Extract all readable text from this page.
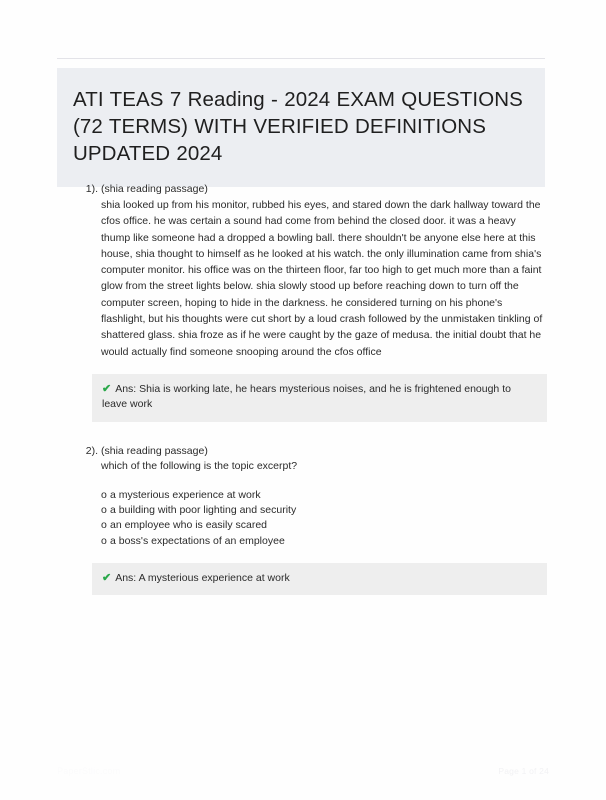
ATI TEAS 7 Reading - 2024 EXAM QUESTIONS (72 TERMS) WITH VERIFIED DEFINITIONS UPDATED 2024
1). (shia reading passage)

shia looked up from his monitor, rubbed his eyes, and stared down the dark hallway toward the cfos office. he was certain a sound had come from behind the closed door. it was a heavy thump like someone had a dropped a bowling ball. there shouldn't be anyone else here at this house, shia thought to himself as he looked at his watch. the only illumination came from shia's computer monitor. his office was on the thirteen floor, far too high to get much more than a faint glow from the street lights below. shia slowly stood up before reaching down to turn off the computer screen, hoping to hide in the darkness. he considered turning on his phone's flashlight, but his thoughts were cut short by a loud crash followed by the unmistaken tinkling of shattered glass. shia froze as if he were caught by the gaze of medusa. the initial doubt that he would actually find someone snooping around the cfos office

✔ Ans: Shia is working late, he hears mysterious noises, and he is frightened enough to leave work

2). (shia reading passage)

which of the following is the topic excerpt?

o a mysterious experience at work
o a building with poor lighting and security
o an employee who is easily scared
o a boss's expectations of an employee

✔ Ans: A mysterious experience at work

PaperStlic.com	Page 1 of 24
